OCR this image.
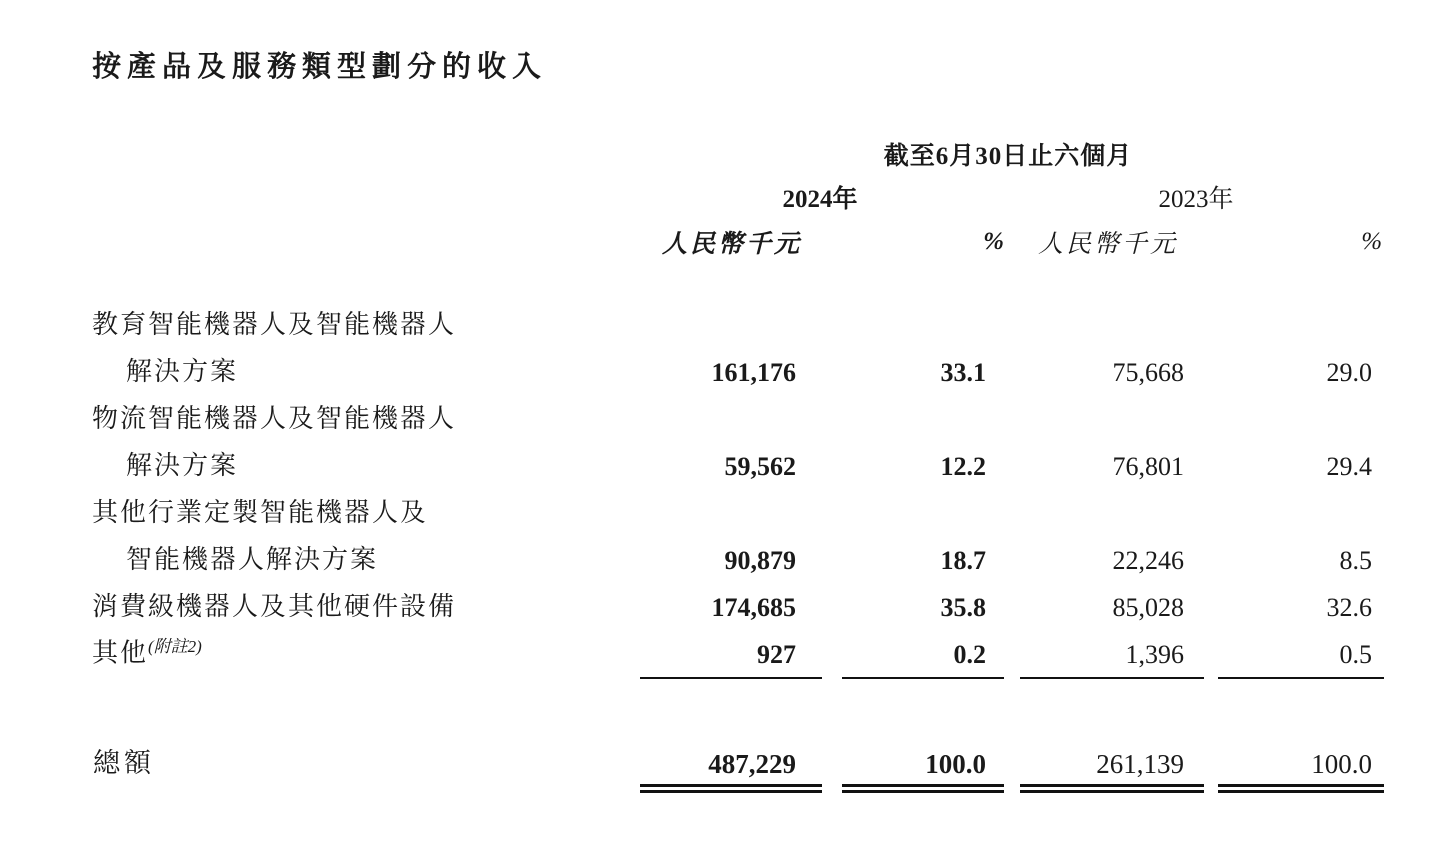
按產品及服務類型劃分的收入
	截至6月30日止六個月			
	2024年		2023年	
	人民幣千元	%	人民幣千元	%
教育智能機器人及智能機器人				
解決方案	161,176	33.1	75,668	29.0
物流智能機器人及智能機器人				
解決方案	59,562	12.2	76,801	29.4
其他行業定製智能機器人及				
智能機器人解決方案	90,879	18.7	22,246	8.5
消費級機器人及其他硬件設備	174,685	35.8	85,028	32.6
其他$^{(附註2)}$	927	0.2	1,396	0.5

總額	487,229	100.0	261,139	100.0
